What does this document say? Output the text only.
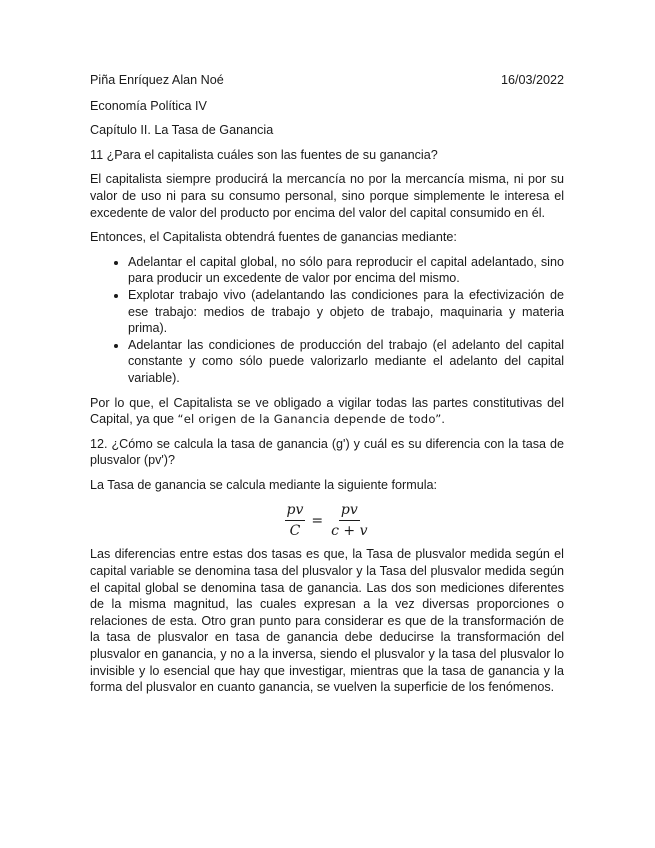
Piña Enríquez Alan Noé	16/03/2022

Economía Política IV

Capítulo II. La Tasa de Ganancia

11 ¿Para el capitalista cuáles son las fuentes de su ganancia?

El capitalista siempre producirá la mercancía no por la mercancía misma, ni por su valor de uso ni para su consumo personal, sino porque simplemente le interesa el excedente de valor del producto por encima del valor del capital consumido en él.

Entonces, el Capitalista obtendrá fuentes de ganancias mediante:

• Adelantar el capital global, no sólo para reproducir el capital adelantado, sino para producir un excedente de valor por encima del mismo.
• Explotar trabajo vivo (adelantando las condiciones para la efectivización de ese trabajo: medios de trabajo y objeto de trabajo, maquinaria y materia prima).
• Adelantar las condiciones de producción del trabajo (el adelanto del capital constante y como sólo puede valorizarlo mediante el adelanto del capital variable).

Por lo que, el Capitalista se ve obligado a vigilar todas las partes constitutivas del Capital, ya que “el origen de la Ganancia depende de todo”.

12. ¿Cómo se calcula la tasa de ganancia (g') y cuál es su diferencia con la tasa de plusvalor (pv')?

La Tasa de ganancia se calcula mediante la siguiente formula:

$\frac{pv}{C} = \frac{pv}{c + v}$

Las diferencias entre estas dos tasas es que, la Tasa de plusvalor medida según el capital variable se denomina tasa del plusvalor y la Tasa del plusvalor medida según el capital global se denomina tasa de ganancia. Las dos son mediciones diferentes de la misma magnitud, las cuales expresan a la vez diversas proporciones o relaciones de esta. Otro gran punto para considerar es que de la transformación de la tasa de plusvalor en tasa de ganancia debe deducirse la transformación del plusvalor en ganancia, y no a la inversa, siendo el plusvalor y la tasa del plusvalor lo invisible y lo esencial que hay que investigar, mientras que la tasa de ganancia y la forma del plusvalor en cuanto ganancia, se vuelven la superficie de los fenómenos.
